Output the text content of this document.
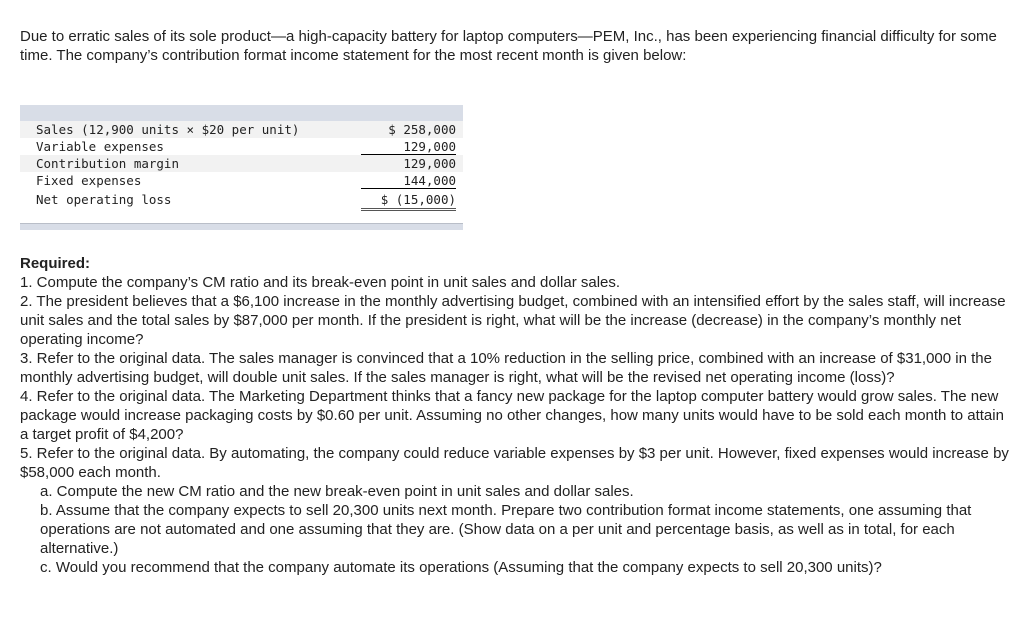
Due to erratic sales of its sole product—a high-capacity battery for laptop computers—PEM, Inc., has been experiencing financial difficulty for some time. The company’s contribution format income statement for the most recent month is given below:

Sales (12,900 units × $20 per unit)	$ 258,000
Variable expenses	129,000
Contribution margin	129,000
Fixed expenses	144,000
Net operating loss	$ (15,000)

Required:

1. Compute the company’s CM ratio and its break-even point in unit sales and dollar sales.

2. The president believes that a $6,100 increase in the monthly advertising budget, combined with an intensified effort by the sales staff, will increase unit sales and the total sales by $87,000 per month. If the president is right, what will be the increase (decrease) in the company’s monthly net operating income?

3. Refer to the original data. The sales manager is convinced that a 10% reduction in the selling price, combined with an increase of $31,000 in the monthly advertising budget, will double unit sales. If the sales manager is right, what will be the revised net operating income (loss)?

4. Refer to the original data. The Marketing Department thinks that a fancy new package for the laptop computer battery would grow sales. The new package would increase packaging costs by $0.60 per unit. Assuming no other changes, how many units would have to be sold each month to attain a target profit of $4,200?

5. Refer to the original data. By automating, the company could reduce variable expenses by $3 per unit. However, fixed expenses would increase by $58,000 each month.

a. Compute the new CM ratio and the new break-even point in unit sales and dollar sales.

b. Assume that the company expects to sell 20,300 units next month. Prepare two contribution format income statements, one assuming that operations are not automated and one assuming that they are. (Show data on a per unit and percentage basis, as well as in total, for each alternative.)

c. Would you recommend that the company automate its operations (Assuming that the company expects to sell 20,300 units)?
